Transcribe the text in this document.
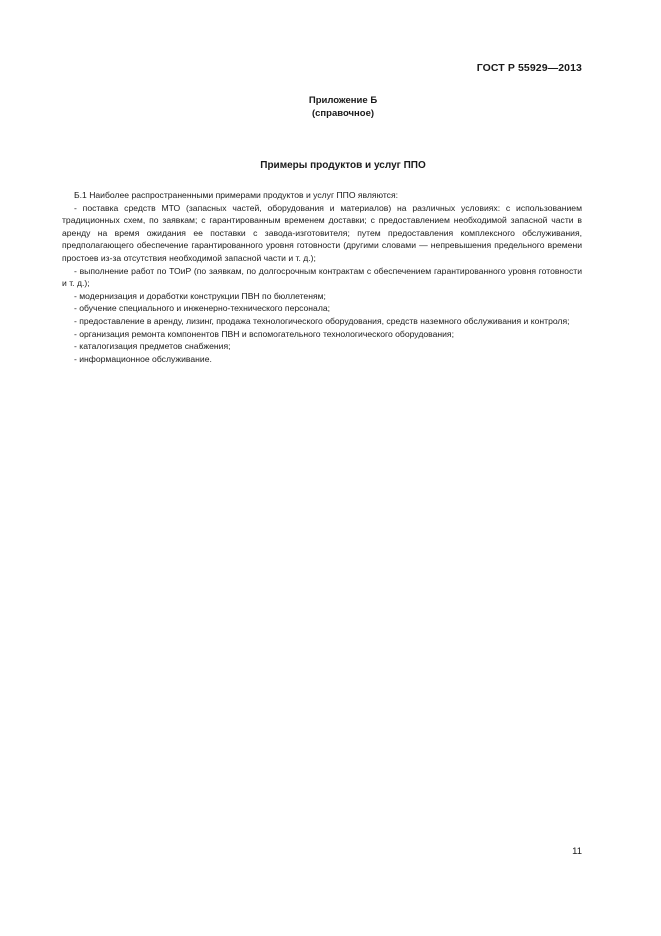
ГОСТ Р 55929—2013
Приложение Б
(справочное)
Примеры продуктов и услуг ППО

Б.1 Наиболее распространенными примерами продуктов и услуг ППО являются:

- поставка средств МТО (запасных частей, оборудования и материалов) на различных условиях: с использованием традиционных схем, по заявкам; с гарантированным временем доставки; с предоставлением необходимой запасной части в аренду на время ожидания ее поставки с завода-изготовителя; путем предоставления комплексного обслуживания, предполагающего обеспечение гарантированного уровня готовности (другими словами — непревышения предельного времени простоев из-за отсутствия необходимой запасной части и т. д.);

- выполнение работ по ТОиР (по заявкам, по долгосрочным контрактам с обеспечением гарантированного уровня готовности и т. д.);

- модернизация и доработки конструкции ПВН по бюллетеням;

- обучение специального и инженерно-технического персонала;

- предоставление в аренду, лизинг, продажа технологического оборудования, средств наземного обслуживания и контроля;

- организация ремонта компонентов ПВН и вспомогательного технологического оборудования;

- каталогизация предметов снабжения;

- информационное обслуживание.

11
